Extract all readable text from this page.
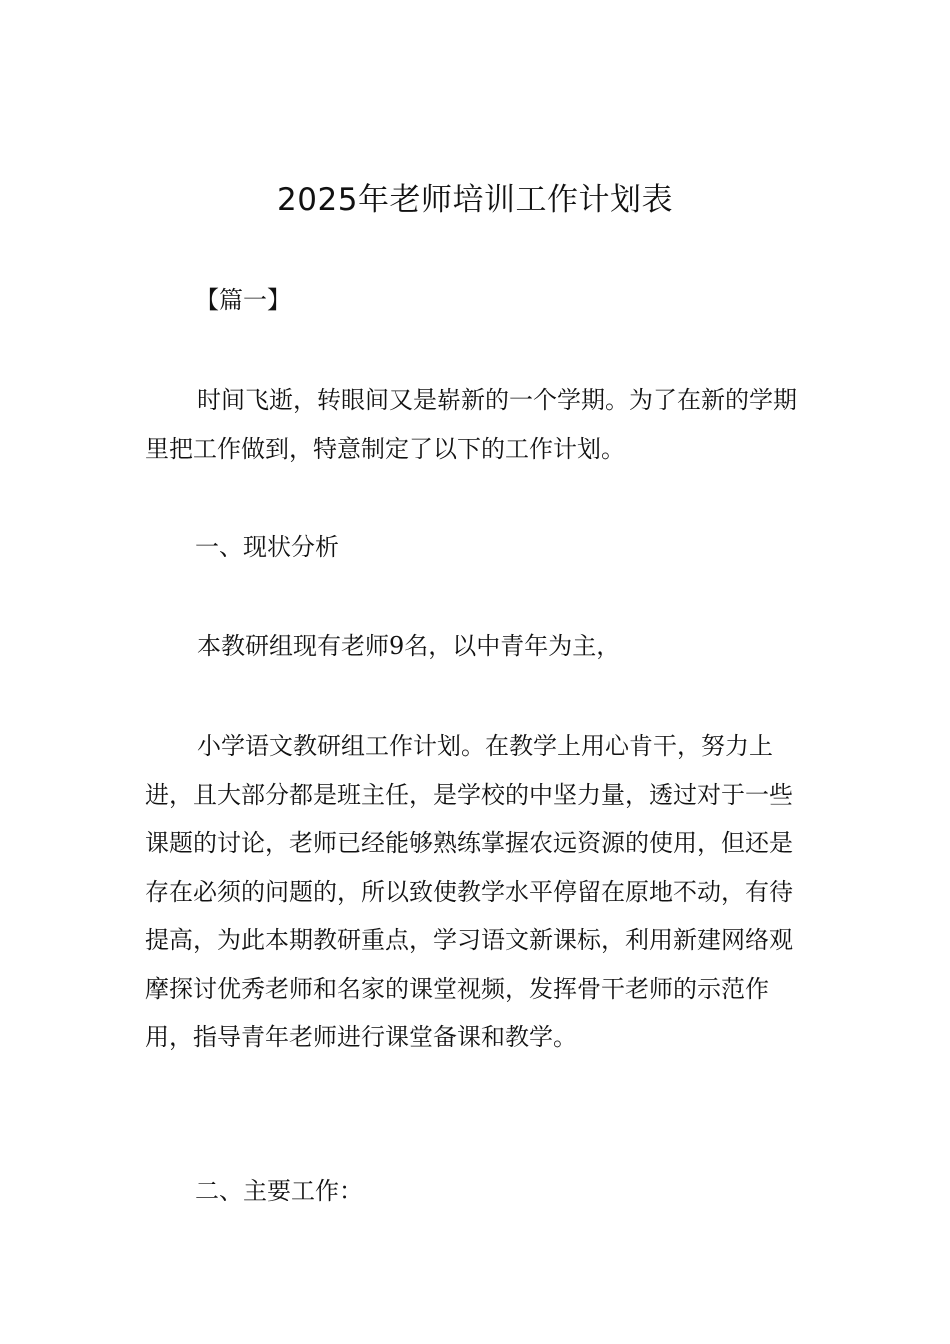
2025年老师培训工作计划表

【篇一】

时间飞逝，转眼间又是崭新的一个学期。为了在新的学期里把工作做到，特意制定了以下的工作计划。

一、现状分析

本教研组现有老师9名，以中青年为主，

小学语文教研组工作计划。在教学上用心肯干，努力上进，且大部分都是班主任，是学校的中坚力量，透过对于一些课题的讨论，老师已经能够熟练掌握农远资源的使用，但还是存在必须的问题的，所以致使教学水平停留在原地不动，有待提高，为此本期教研重点，学习语文新课标，利用新建网络观摩探讨优秀老师和名家的课堂视频，发挥骨干老师的示范作用，指导青年老师进行课堂备课和教学。

二、主要工作：
